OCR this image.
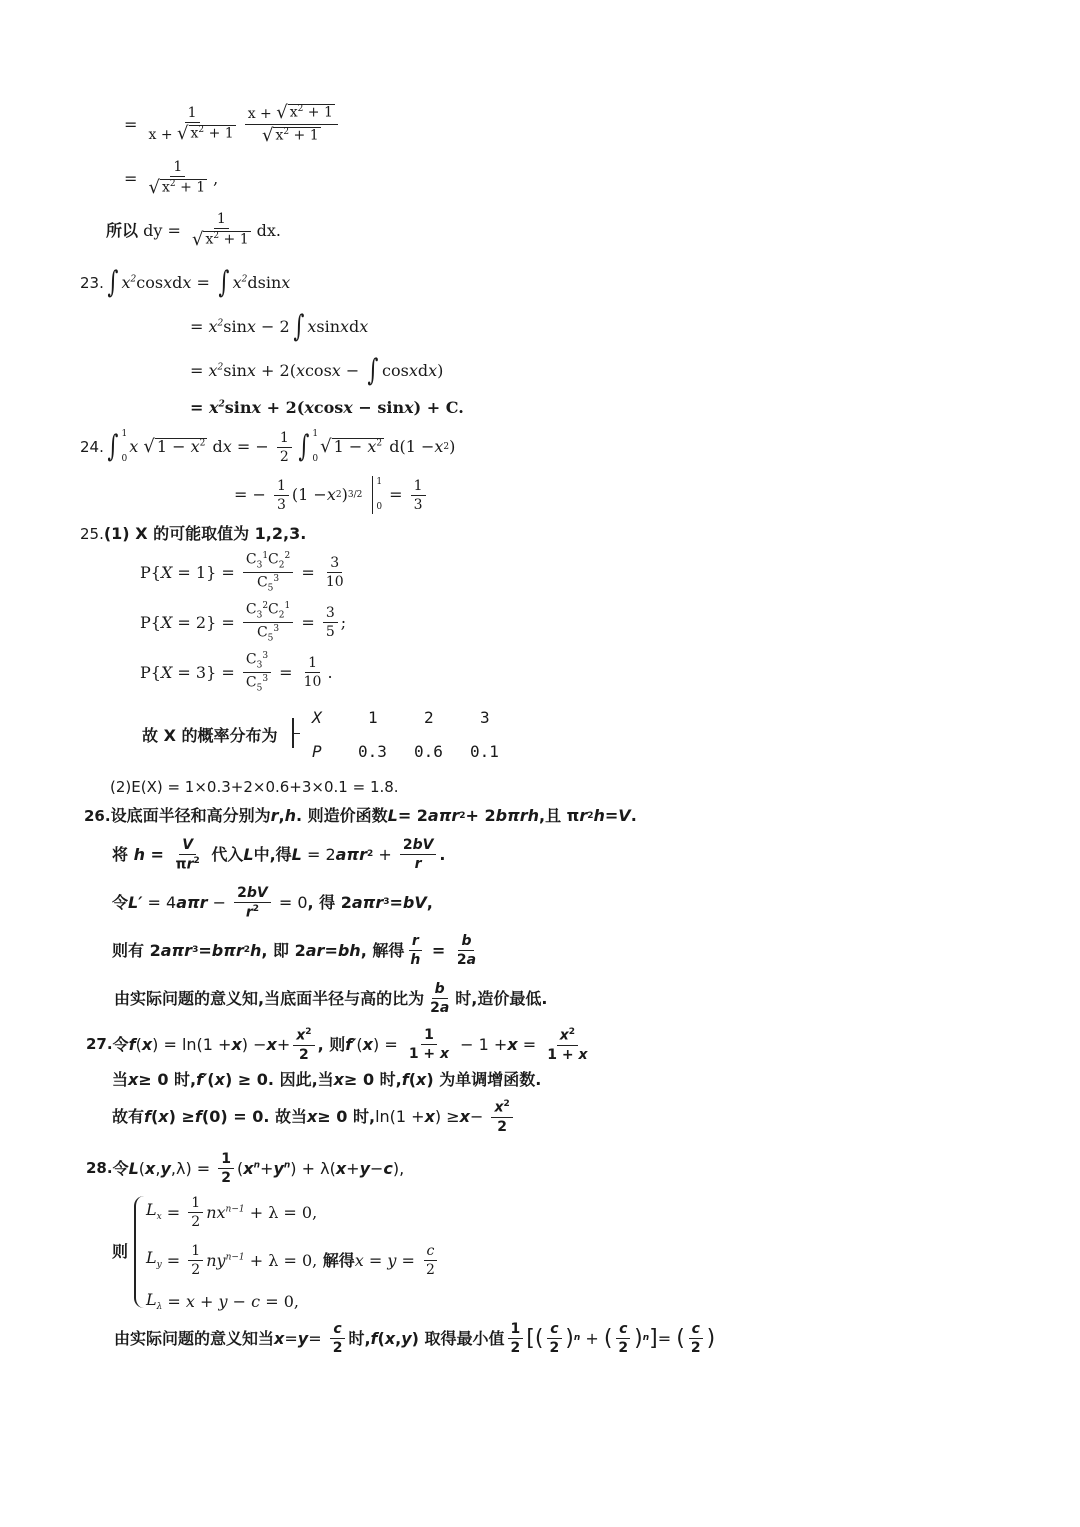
= $\frac{1}{x + √ x^2 + 1} \frac{x + √ x^2 + 1}{√ x^2 + 1}$
= $\frac{1}{√ x^2 + 1}$ ,
所以 dy = $\frac{1}{√ x^2 + 1}$ dx.
23. ∫ $x^2$ cos x d x = ∫ $x^2$ dsin x
= $x^2$ sin x − 2 ∫ x sin x d x
= $x^2$ sin x + 2( x cos x − ∫ cos x d x )
= $x^2$ sin x + 2( x cos x − sin x ) + C.
24. ∫ 1
0
x
√ $1 - x^2$ d x = − $\frac{1}{2}$ ∫ 1
0
√ $1 - x^2$ d(1 − x 2 )
= − $\frac{1}{3} (1 - x$ 2 ) 3/2
1
0
= $\frac{1}{3}$
25. (1) X 的可能取值为 1,2,3.
P{ $X = 1\} = \frac{C_3^1C_2^2}{C_5^3} = \frac{3}{10}$
P{ $X = 2\} = \frac{C_3^2C_2^1}{C_5^3} = \frac{3}{5}$ ;
P{ $X = 3\} = \frac{C_3^3}{C_5^3} = \frac{1}{10}$ .
故 X 的概率分布为
X	1	2	3
P	0.3	0.6	0.1
(2)E(X) = 1×0.3+2×0.6+3×0.1 = 1.8.
26. 设底面半径和高分别为 r , h . 则造价函数 L = 2 aπr 2 + 2 bπrh ,且 π r 2 h = V .
将 $h = \frac{V}{\pi r^2}$ 代入 L 中,得 L = 2 aπr $2 + \frac{2bV}{r}$ .
令 L′ = 4 $a\pi r - \frac{2bV}{r^2} = 0$ , 得 2 aπr 3 = bV ,
则有 2 aπr 3 = bπr 2 h , 即 2 ar = bh , 解得 $\frac{r}{h} = \frac{b}{2a}$
由实际问题的意义知,当底面半径与高的比为 $\frac{b}{2a}$ 时,造价最低.
27. 令 f ( x ) = ln(1 + x ) − $x + \frac{x^2}{2}$ , 则 f′ ( x ) = $\frac{1}{1 + x} - 1 + x = \frac{x^2}{1 + x}$
当 x ≥ 0 时, f′ ( x ) ≥ 0. 因此,当 x ≥ 0 时, f ( x ) 为单调增函数.
故有 f ( x ) ≥ f (0) = 0. 故当 x ≥ 0 时, ln(1 + x ) ≥ $x - \frac{x^2}{2}$
28. 令 L ( x , y $,\lambda) = \frac{1}{2}$ ( $x^n + y^n$ ) + λ( x + y − c ),
则
$L_x = \frac{1}{2} nx^{n-1} + \lambda = 0$,
$L_y = \frac{1}{2} ny^{n-1} + \lambda = 0$, 解得 $x = y = \frac{c}{2}$
$L_\lambda = x + y - c = 0$,
由实际问题的意义知当 $x = y = \frac{c}{2}$ 时, f ( x , y ) 取得最小值 $\frac{1}{2}$ [( $\frac{c}{2}$ ) n + ( $\frac{c}{2}$ ) n ] = ( $\frac{c}{2}$ )
